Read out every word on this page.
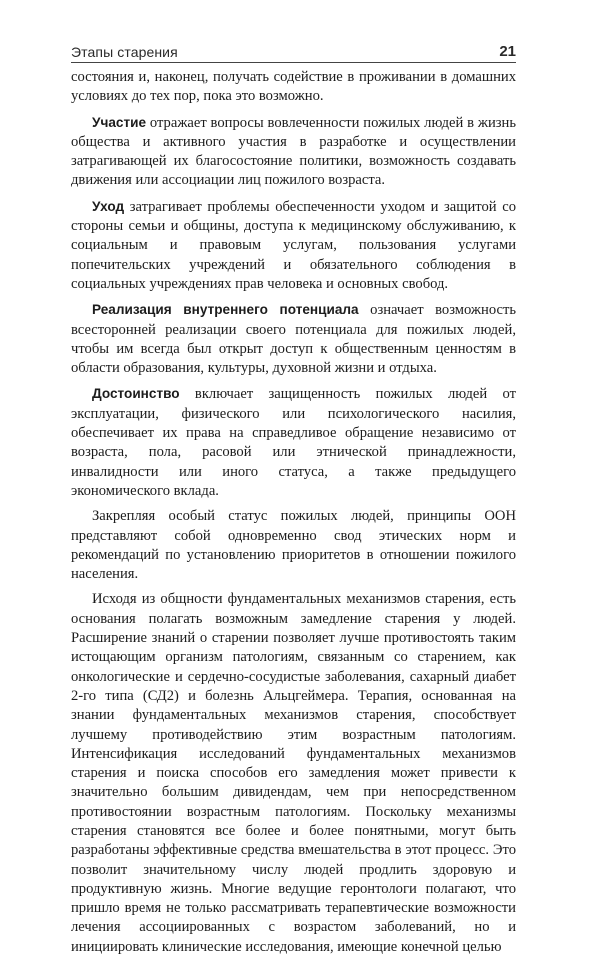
Этапы старения	21

состояния и, наконец, получать содействие в проживании в домашних условиях до тех пор, пока это возможно.

Участие отражает вопросы вовлеченности пожилых людей в жизнь общества и активного участия в разработке и осуществлении затрагивающей их благосостояние политики, возможность создавать движения или ассоциации лиц пожилого возраста.

Уход затрагивает проблемы обеспеченности уходом и защитой со стороны семьи и общины, доступа к медицинскому обслуживанию, к социальным и правовым услугам, пользования услугами попечительских учреждений и обязательного соблюдения в социальных учреждениях прав человека и основных свобод.

Реализация внутреннего потенциала означает возможность всесторонней реализации своего потенциала для пожилых людей, чтобы им всегда был открыт доступ к общественным ценностям в области образования, культуры, духовной жизни и отдыха.

Достоинство включает защищенность пожилых людей от эксплуатации, физического или психологического насилия, обеспечивает их права на справедливое обращение независимо от возраста, пола, расовой или этнической принадлежности, инвалидности или иного статуса, а также предыдущего экономического вклада.

Закрепляя особый статус пожилых людей, принципы ООН представляют собой одновременно свод этических норм и рекомендаций по установлению приоритетов в отношении пожилого населения.

Исходя из общности фундаментальных механизмов старения, есть основания полагать возможным замедление старения у людей. Расширение знаний о старении позволяет лучше противостоять таким истощающим организм патологиям, связанным со старением, как онкологические и сердечно-сосудистые заболевания, сахарный диабет 2-го типа (СД2) и болезнь Альцгеймера. Терапия, основанная на знании фундаментальных механизмов старения, способствует лучшему противодействию этим возрастным патологиям. Интенсификация исследований фундаментальных механизмов старения и поиска способов его замедления может привести к значительно большим дивидендам, чем при непосредственном противостоянии возрастным патологиям. Поскольку механизмы старения становятся все более и более понятными, могут быть разработаны эффективные средства вмешательства в этот процесс. Это позволит значительному числу людей продлить здоровую и продуктивную жизнь. Многие ведущие геронтологи полагают, что пришло время не только рассматривать терапевтические возможности лечения ассоциированных с возрастом заболеваний, но и инициировать клинические исследования, имеющие конечной целью
